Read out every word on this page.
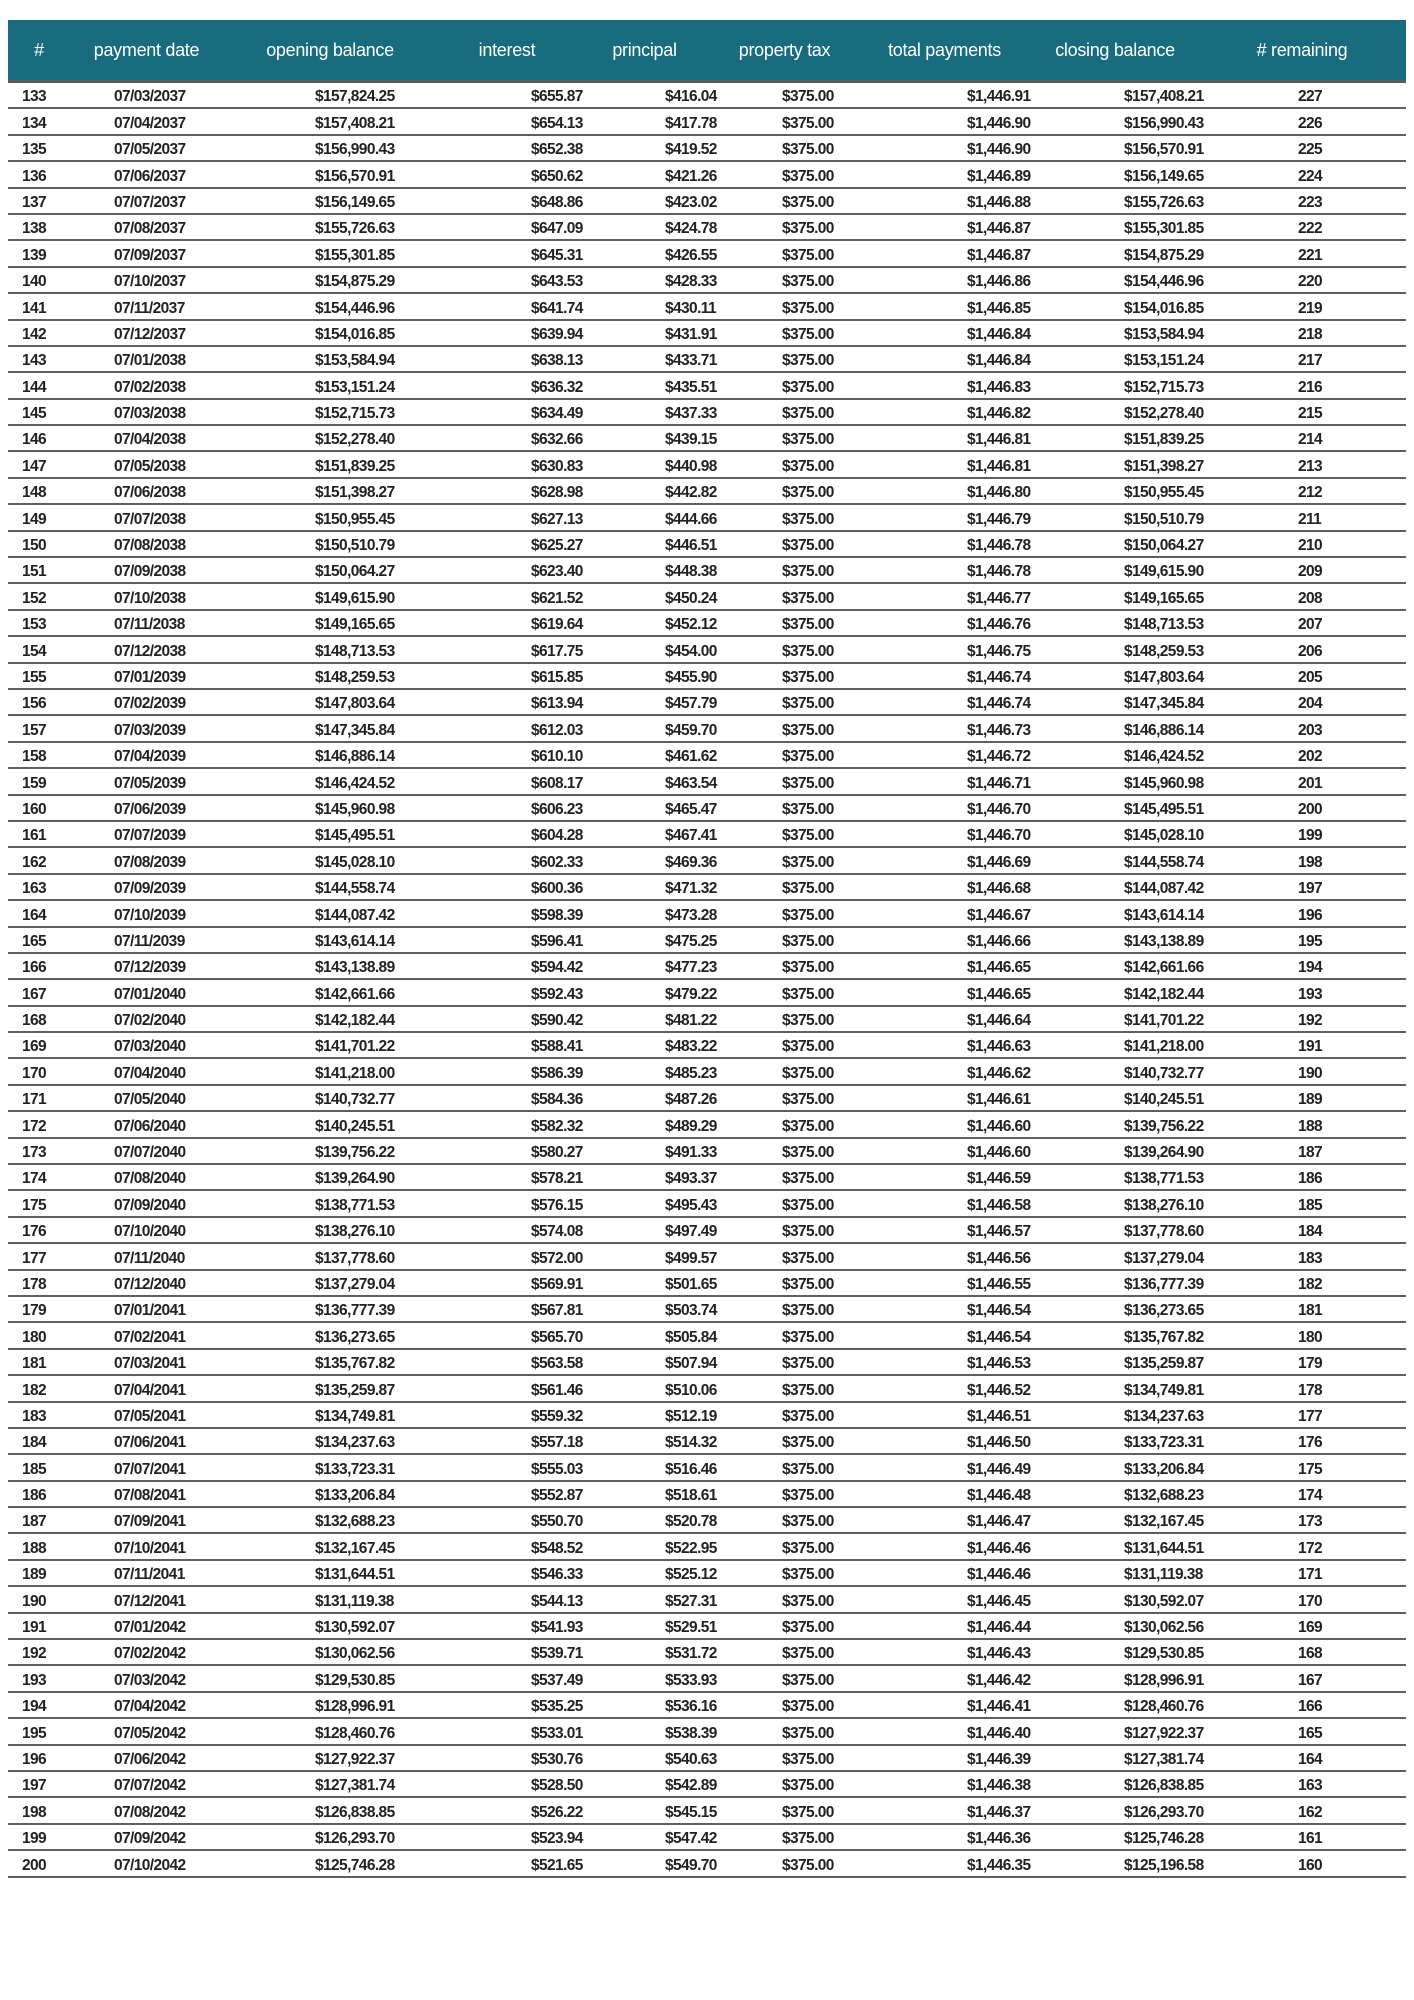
#	payment date	opening balance	interest	principal	property tax	total payments	closing balance	# remaining
133	07/03/2037	$157,824.25	$655.87	$416.04	$375.00	$1,446.91	$157,408.21	227
134	07/04/2037	$157,408.21	$654.13	$417.78	$375.00	$1,446.90	$156,990.43	226
135	07/05/2037	$156,990.43	$652.38	$419.52	$375.00	$1,446.90	$156,570.91	225
136	07/06/2037	$156,570.91	$650.62	$421.26	$375.00	$1,446.89	$156,149.65	224
137	07/07/2037	$156,149.65	$648.86	$423.02	$375.00	$1,446.88	$155,726.63	223
138	07/08/2037	$155,726.63	$647.09	$424.78	$375.00	$1,446.87	$155,301.85	222
139	07/09/2037	$155,301.85	$645.31	$426.55	$375.00	$1,446.87	$154,875.29	221
140	07/10/2037	$154,875.29	$643.53	$428.33	$375.00	$1,446.86	$154,446.96	220
141	07/11/2037	$154,446.96	$641.74	$430.11	$375.00	$1,446.85	$154,016.85	219
142	07/12/2037	$154,016.85	$639.94	$431.91	$375.00	$1,446.84	$153,584.94	218
143	07/01/2038	$153,584.94	$638.13	$433.71	$375.00	$1,446.84	$153,151.24	217
144	07/02/2038	$153,151.24	$636.32	$435.51	$375.00	$1,446.83	$152,715.73	216
145	07/03/2038	$152,715.73	$634.49	$437.33	$375.00	$1,446.82	$152,278.40	215
146	07/04/2038	$152,278.40	$632.66	$439.15	$375.00	$1,446.81	$151,839.25	214
147	07/05/2038	$151,839.25	$630.83	$440.98	$375.00	$1,446.81	$151,398.27	213
148	07/06/2038	$151,398.27	$628.98	$442.82	$375.00	$1,446.80	$150,955.45	212
149	07/07/2038	$150,955.45	$627.13	$444.66	$375.00	$1,446.79	$150,510.79	211
150	07/08/2038	$150,510.79	$625.27	$446.51	$375.00	$1,446.78	$150,064.27	210
151	07/09/2038	$150,064.27	$623.40	$448.38	$375.00	$1,446.78	$149,615.90	209
152	07/10/2038	$149,615.90	$621.52	$450.24	$375.00	$1,446.77	$149,165.65	208
153	07/11/2038	$149,165.65	$619.64	$452.12	$375.00	$1,446.76	$148,713.53	207
154	07/12/2038	$148,713.53	$617.75	$454.00	$375.00	$1,446.75	$148,259.53	206
155	07/01/2039	$148,259.53	$615.85	$455.90	$375.00	$1,446.74	$147,803.64	205
156	07/02/2039	$147,803.64	$613.94	$457.79	$375.00	$1,446.74	$147,345.84	204
157	07/03/2039	$147,345.84	$612.03	$459.70	$375.00	$1,446.73	$146,886.14	203
158	07/04/2039	$146,886.14	$610.10	$461.62	$375.00	$1,446.72	$146,424.52	202
159	07/05/2039	$146,424.52	$608.17	$463.54	$375.00	$1,446.71	$145,960.98	201
160	07/06/2039	$145,960.98	$606.23	$465.47	$375.00	$1,446.70	$145,495.51	200
161	07/07/2039	$145,495.51	$604.28	$467.41	$375.00	$1,446.70	$145,028.10	199
162	07/08/2039	$145,028.10	$602.33	$469.36	$375.00	$1,446.69	$144,558.74	198
163	07/09/2039	$144,558.74	$600.36	$471.32	$375.00	$1,446.68	$144,087.42	197
164	07/10/2039	$144,087.42	$598.39	$473.28	$375.00	$1,446.67	$143,614.14	196
165	07/11/2039	$143,614.14	$596.41	$475.25	$375.00	$1,446.66	$143,138.89	195
166	07/12/2039	$143,138.89	$594.42	$477.23	$375.00	$1,446.65	$142,661.66	194
167	07/01/2040	$142,661.66	$592.43	$479.22	$375.00	$1,446.65	$142,182.44	193
168	07/02/2040	$142,182.44	$590.42	$481.22	$375.00	$1,446.64	$141,701.22	192
169	07/03/2040	$141,701.22	$588.41	$483.22	$375.00	$1,446.63	$141,218.00	191
170	07/04/2040	$141,218.00	$586.39	$485.23	$375.00	$1,446.62	$140,732.77	190
171	07/05/2040	$140,732.77	$584.36	$487.26	$375.00	$1,446.61	$140,245.51	189
172	07/06/2040	$140,245.51	$582.32	$489.29	$375.00	$1,446.60	$139,756.22	188
173	07/07/2040	$139,756.22	$580.27	$491.33	$375.00	$1,446.60	$139,264.90	187
174	07/08/2040	$139,264.90	$578.21	$493.37	$375.00	$1,446.59	$138,771.53	186
175	07/09/2040	$138,771.53	$576.15	$495.43	$375.00	$1,446.58	$138,276.10	185
176	07/10/2040	$138,276.10	$574.08	$497.49	$375.00	$1,446.57	$137,778.60	184
177	07/11/2040	$137,778.60	$572.00	$499.57	$375.00	$1,446.56	$137,279.04	183
178	07/12/2040	$137,279.04	$569.91	$501.65	$375.00	$1,446.55	$136,777.39	182
179	07/01/2041	$136,777.39	$567.81	$503.74	$375.00	$1,446.54	$136,273.65	181
180	07/02/2041	$136,273.65	$565.70	$505.84	$375.00	$1,446.54	$135,767.82	180
181	07/03/2041	$135,767.82	$563.58	$507.94	$375.00	$1,446.53	$135,259.87	179
182	07/04/2041	$135,259.87	$561.46	$510.06	$375.00	$1,446.52	$134,749.81	178
183	07/05/2041	$134,749.81	$559.32	$512.19	$375.00	$1,446.51	$134,237.63	177
184	07/06/2041	$134,237.63	$557.18	$514.32	$375.00	$1,446.50	$133,723.31	176
185	07/07/2041	$133,723.31	$555.03	$516.46	$375.00	$1,446.49	$133,206.84	175
186	07/08/2041	$133,206.84	$552.87	$518.61	$375.00	$1,446.48	$132,688.23	174
187	07/09/2041	$132,688.23	$550.70	$520.78	$375.00	$1,446.47	$132,167.45	173
188	07/10/2041	$132,167.45	$548.52	$522.95	$375.00	$1,446.46	$131,644.51	172
189	07/11/2041	$131,644.51	$546.33	$525.12	$375.00	$1,446.46	$131,119.38	171
190	07/12/2041	$131,119.38	$544.13	$527.31	$375.00	$1,446.45	$130,592.07	170
191	07/01/2042	$130,592.07	$541.93	$529.51	$375.00	$1,446.44	$130,062.56	169
192	07/02/2042	$130,062.56	$539.71	$531.72	$375.00	$1,446.43	$129,530.85	168
193	07/03/2042	$129,530.85	$537.49	$533.93	$375.00	$1,446.42	$128,996.91	167
194	07/04/2042	$128,996.91	$535.25	$536.16	$375.00	$1,446.41	$128,460.76	166
195	07/05/2042	$128,460.76	$533.01	$538.39	$375.00	$1,446.40	$127,922.37	165
196	07/06/2042	$127,922.37	$530.76	$540.63	$375.00	$1,446.39	$127,381.74	164
197	07/07/2042	$127,381.74	$528.50	$542.89	$375.00	$1,446.38	$126,838.85	163
198	07/08/2042	$126,838.85	$526.22	$545.15	$375.00	$1,446.37	$126,293.70	162
199	07/09/2042	$126,293.70	$523.94	$547.42	$375.00	$1,446.36	$125,746.28	161
200	07/10/2042	$125,746.28	$521.65	$549.70	$375.00	$1,446.35	$125,196.58	160
